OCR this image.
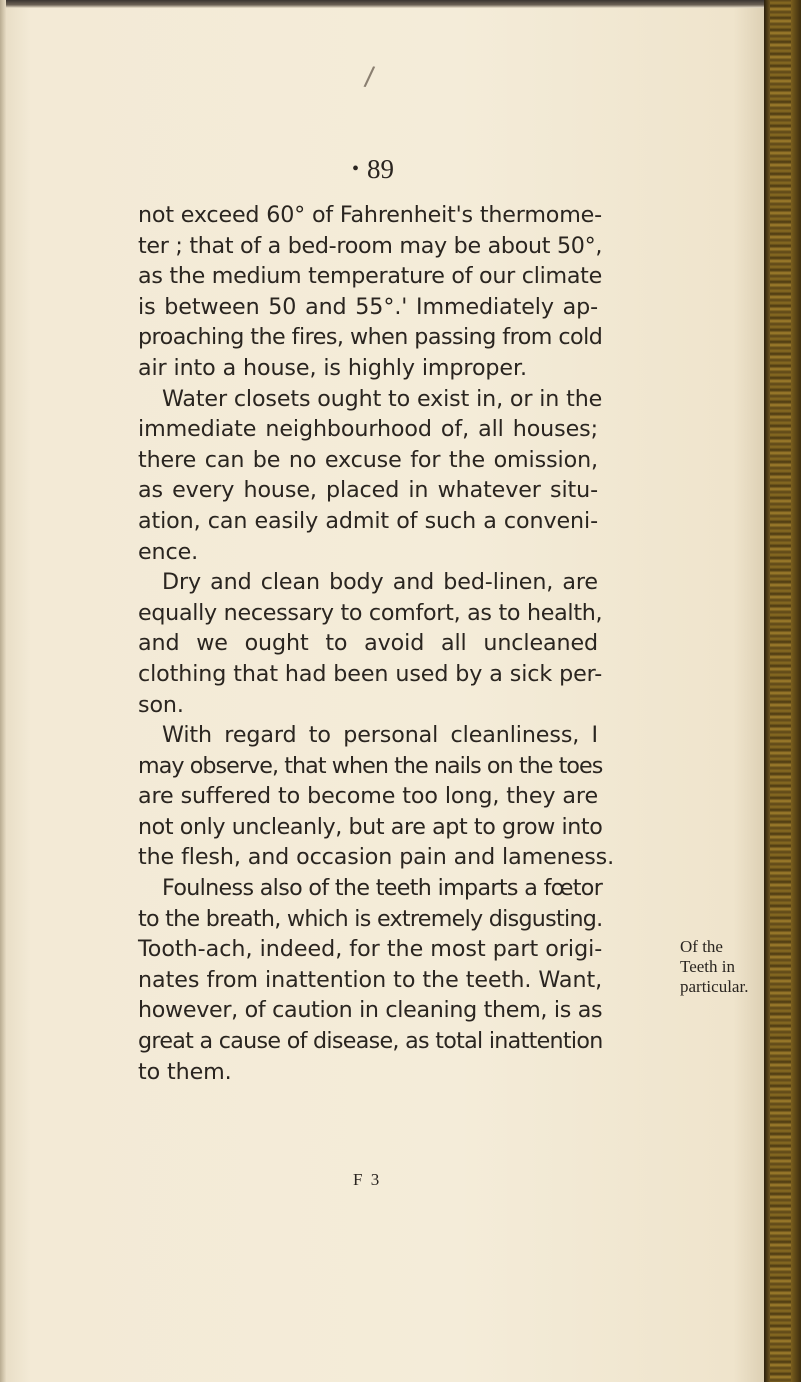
/
• 89
not exceed 60° of Fahrenheit's thermome-
ter ; that of a bed-room may be about 50°,
as the medium temperature of our climate
is between 50 and 55°.' Immediately ap-
proaching the fires, when passing from cold
air into a house, is highly improper.
Water closets ought to exist in, or in the
immediate neighbourhood of, all houses;
there can be no excuse for the omission,
as every house, placed in whatever situ-
ation, can easily admit of such a conveni-
ence.
Dry and clean body and bed-linen, are
equally necessary to comfort, as to health,
and we ought to avoid all uncleaned
clothing that had been used by a sick per-
son.
With regard to personal cleanliness, I
may observe, that when the nails on the toes
are suffered to become too long, they are
not only uncleanly, but are apt to grow into
the flesh, and occasion pain and lameness.
Foulness also of the teeth imparts a fœtor
to the breath, which is extremely disgusting.
Tooth-ach, indeed, for the most part origi-
nates from inattention to the teeth. Want,
however, of caution in cleaning them, is as
great a cause of disease, as total inattention
to them.
Of the
Teeth in
particular.
F 3
